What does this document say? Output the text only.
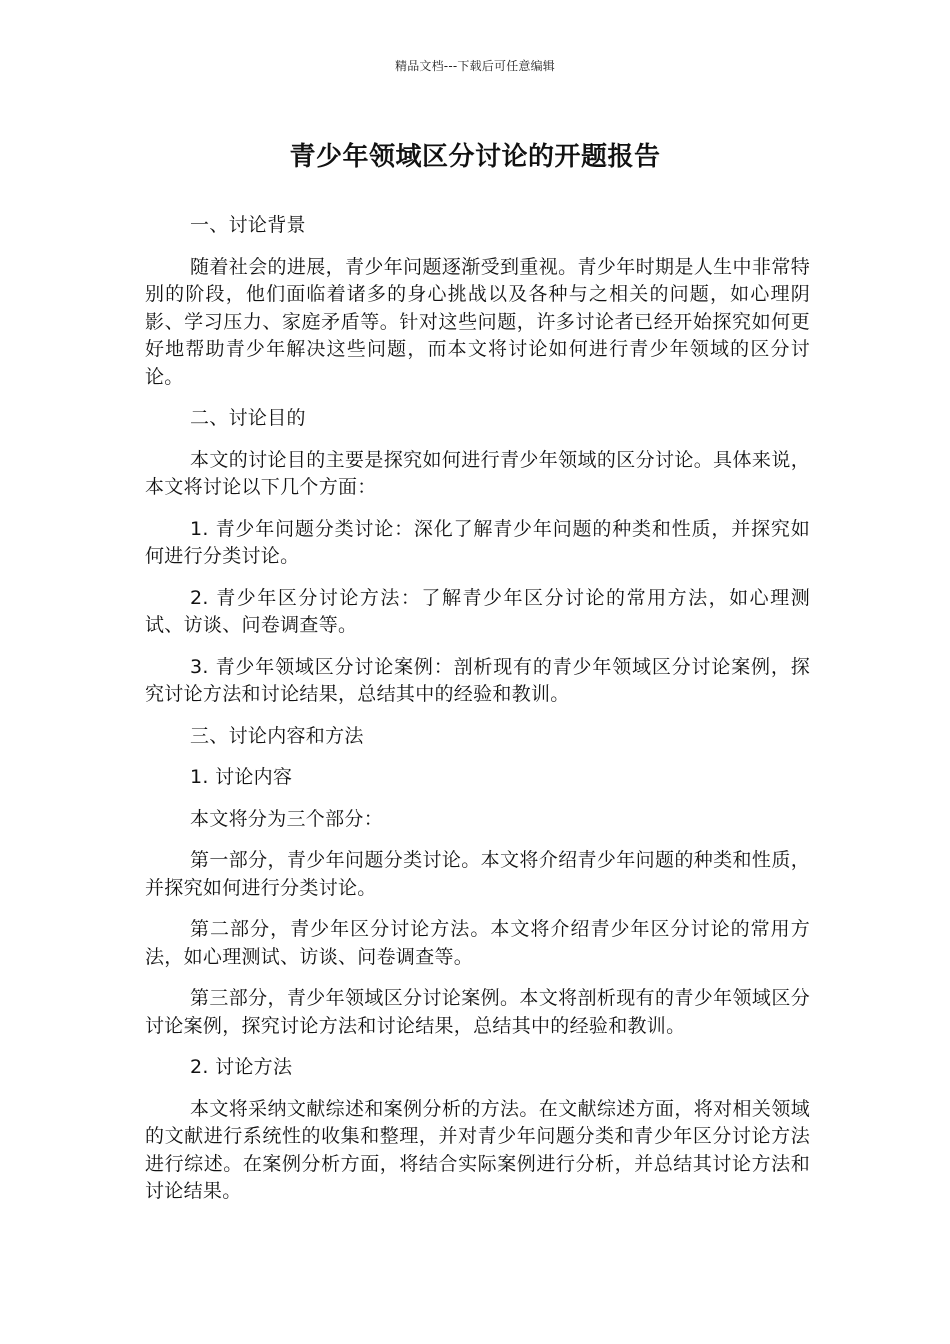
精品文档---下载后可任意编辑
青少年领域区分讨论的开题报告

一、讨论背景

随着社会的进展，青少年问题逐渐受到重视。青少年时期是人生中非常特别的阶段，他们面临着诸多的身心挑战以及各种与之相关的问题，如心理阴影、学习压力、家庭矛盾等。针对这些问题，许多讨论者已经开始探究如何更好地帮助青少年解决这些问题，而本文将讨论如何进行青少年领域的区分讨论。

二、讨论目的

本文的讨论目的主要是探究如何进行青少年领域的区分讨论。具体来说，本文将讨论以下几个方面：

1. 青少年问题分类讨论：深化了解青少年问题的种类和性质，并探究如何进行分类讨论。

2. 青少年区分讨论方法：了解青少年区分讨论的常用方法，如心理测试、访谈、问卷调查等。

3. 青少年领域区分讨论案例：剖析现有的青少年领域区分讨论案例，探究讨论方法和讨论结果，总结其中的经验和教训。

三、讨论内容和方法

1. 讨论内容

本文将分为三个部分：

第一部分，青少年问题分类讨论。本文将介绍青少年问题的种类和性质，并探究如何进行分类讨论。

第二部分，青少年区分讨论方法。本文将介绍青少年区分讨论的常用方法，如心理测试、访谈、问卷调查等。

第三部分，青少年领域区分讨论案例。本文将剖析现有的青少年领域区分讨论案例，探究讨论方法和讨论结果，总结其中的经验和教训。

2. 讨论方法

本文将采纳文献综述和案例分析的方法。在文献综述方面，将对相关领域的文献进行系统性的收集和整理，并对青少年问题分类和青少年区分讨论方法进行综述。在案例分析方面，将结合实际案例进行分析，并总结其讨论方法和讨论结果。
